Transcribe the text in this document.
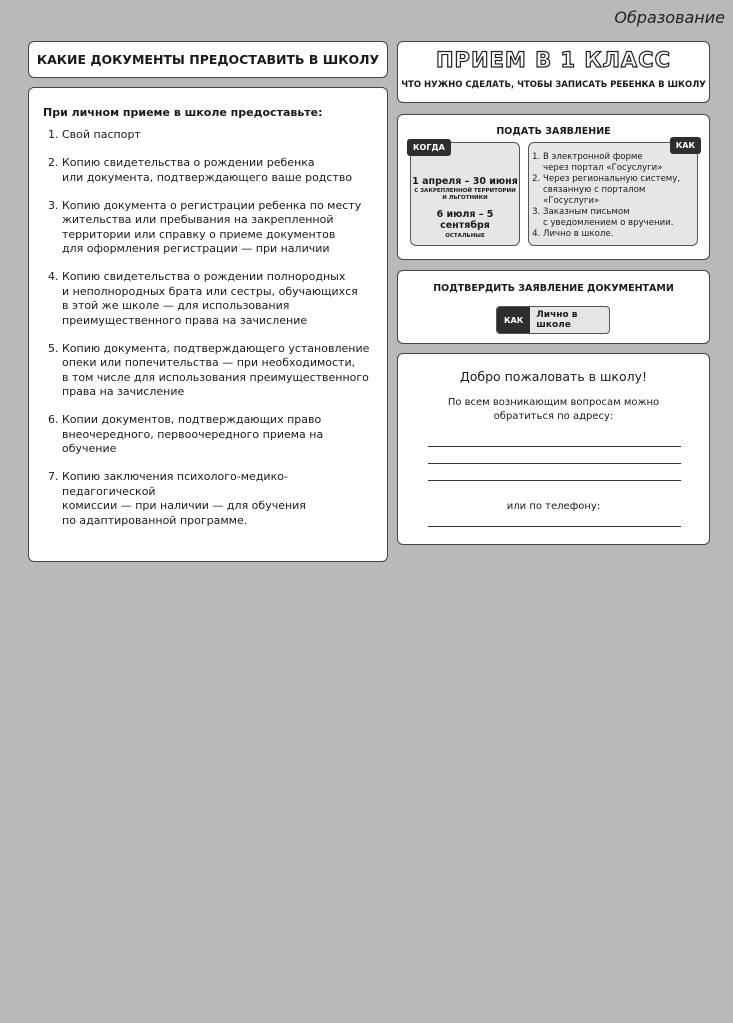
Образование
КАКИЕ ДОКУМЕНТЫ ПРЕДОСТАВИТЬ В ШКОЛУ
При личном приеме в школе предоставьте:
1. Свой паспорт
2. Копию свидетельства о рождении ребенка
или документа, подтверждающего ваше родство
3. Копию документа о регистрации ребенка по месту
жительства или пребывания на закрепленной
территории или справку о приеме документов
для оформления регистрации — при наличии
4. Копию свидетельства о рождении полнородных
и неполнородных брата или сестры, обучающихся
в этой же школе — для использования
преимущественного права на зачисление
5. Копию документа, подтверждающего установление
опеки или попечительства — при необходимости,
в том числе для использования преимущественного
права на зачисление
6. Копии документов, подтверждающих право
внеочередного, первоочередного приема на обучение
7. Копию заключения психолого-медико-педагогической
комиссии — при наличии — для обучения
по адаптированной программе.
ПРИЕМ В 1 КЛАСС
ЧТО НУЖНО СДЕЛАТЬ, ЧТОБЫ ЗАПИСАТЬ РЕБЕНКА В ШКОЛУ
ПОДАТЬ ЗАЯВЛЕНИЕ
КОГДА
1 апреля – 30 июня
С ЗАКРЕПЛЕННОЙ ТЕРРИТОРИИ
И ЛЬГОТНИКИ
6 июля – 5 сентября
ОСТАЛЬНЫЕ
КАК
1. В электронной форме
через портал «Госуслуги»
2. Через региональную систему,
связанную с порталом «Госуслуги»
3. Заказным письмом
с уведомлением о вручении.
4. Лично в школе.
ПОДТВЕРДИТЬ ЗАЯВЛЕНИЕ ДОКУМЕНТАМИ
КАК	Лично в школе
Добро пожаловать в школу!
По всем возникающим вопросам можно
обратиться по адресу:
или по телефону:
